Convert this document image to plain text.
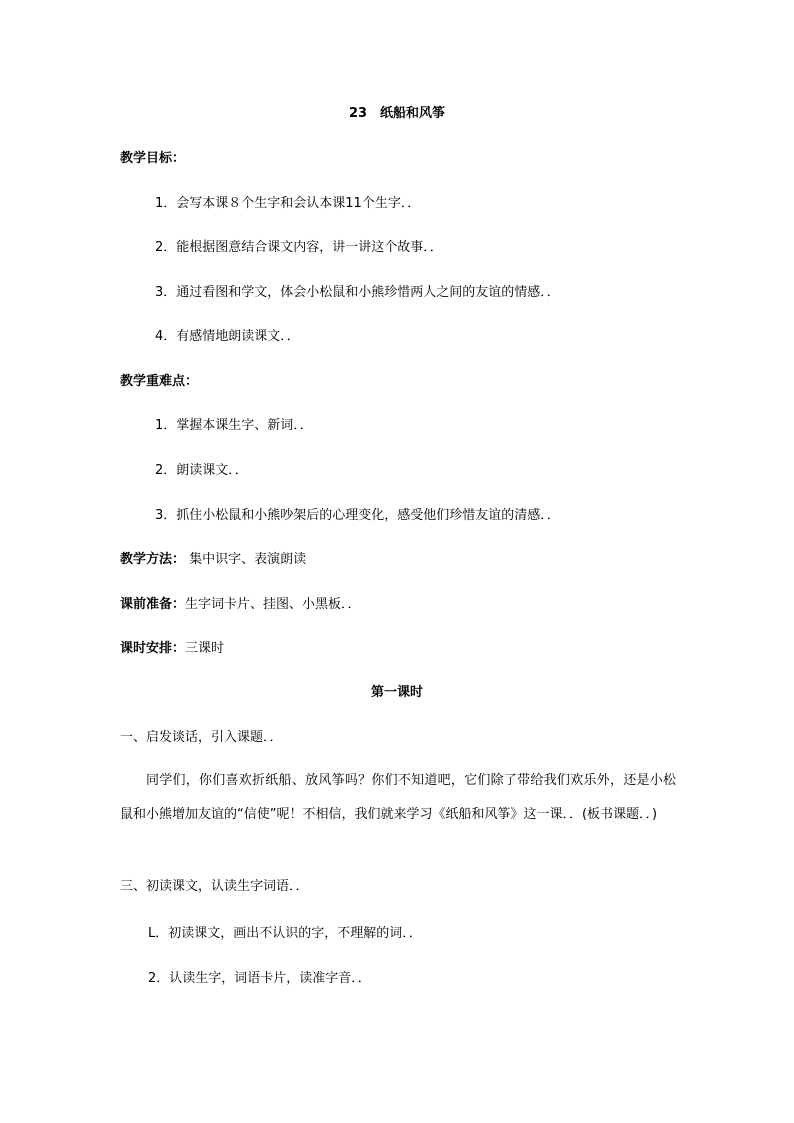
23　纸船和风筝
教学目标：
1．会写本课８个生字和会认本课11个生字．．
2．能根据图意结合课文内容，讲一讲这个故事．．
3．通过看图和学文，体会小松鼠和小熊珍惜两人之间的友谊的情感．．
4．有感情地朗读课文．．
教学重难点：
1．掌握本课生字、新词．．
2．朗读课文．．
3．抓住小松鼠和小熊吵架后的心理变化，感受他们珍惜友谊的清感．．
教学方法： 集中识字、表演朗读
课前准备：生字词卡片、挂图、小黑板．．
课时安排：三课时
第一课时
一、启发谈话，引入课题．．
同学们，你们喜欢折纸船、放风筝吗？你们不知道吧，它们除了带给我们欢乐外，还是小松鼠和小熊增加友谊的“信使”呢！不相信，我们就来学习《纸船和风筝》这一课．．(板书课题．．)
三、初读课文，认读生字词语．．
L．初读课文，画出不认识的字，不理解的词．．
2．认读生字，词语卡片，读准字音．．
